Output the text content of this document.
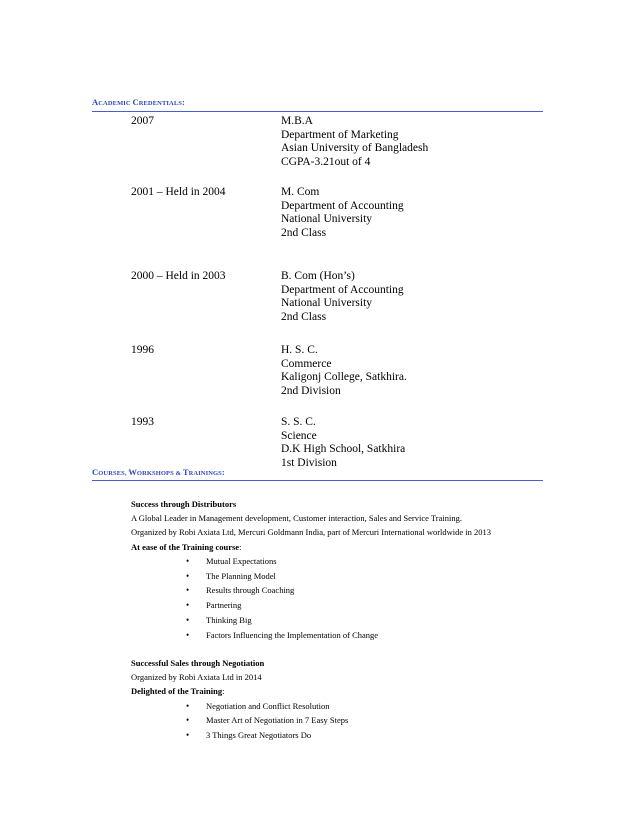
ACADEMIC CREDENTIALS:
2007	M.B.A
Department of Marketing
Asian University of Bangladesh
CGPA-3.21out of 4
2001 – Held in 2004	M. Com
Department of Accounting
National University
2nd Class
2000 – Held in 2003	B. Com (Hon’s)
Department of Accounting
National University
2nd Class
1996	H. S. C.
Commerce
Kaligonj College, Satkhira.
2nd Division
1993	S. S. C.
Science
D.K High School, Satkhira
1st Division
COURSES, WORKSHOPS & TRAININGS:
Success through Distributors
A Global Leader in Management development, Customer interaction, Sales and Service Training.
Organized by Robi Axiata Ltd, Mercuri Goldmann India, part of Mercuri International worldwide in 2013
At ease of the Training course:
• Mutual Expectations
• The Planning Model
• Results through Coaching
• Partnering
• Thinking Big
• Factors Influencing the Implementation of Change
Successful Sales through Negotiation
Organized by Robi Axiata Ltd in 2014
Delighted of the Training:
• Negotiation and Conflict Resolution
• Master Art of Negotiation in 7 Easy Steps
• 3 Things Great Negotiators Do
